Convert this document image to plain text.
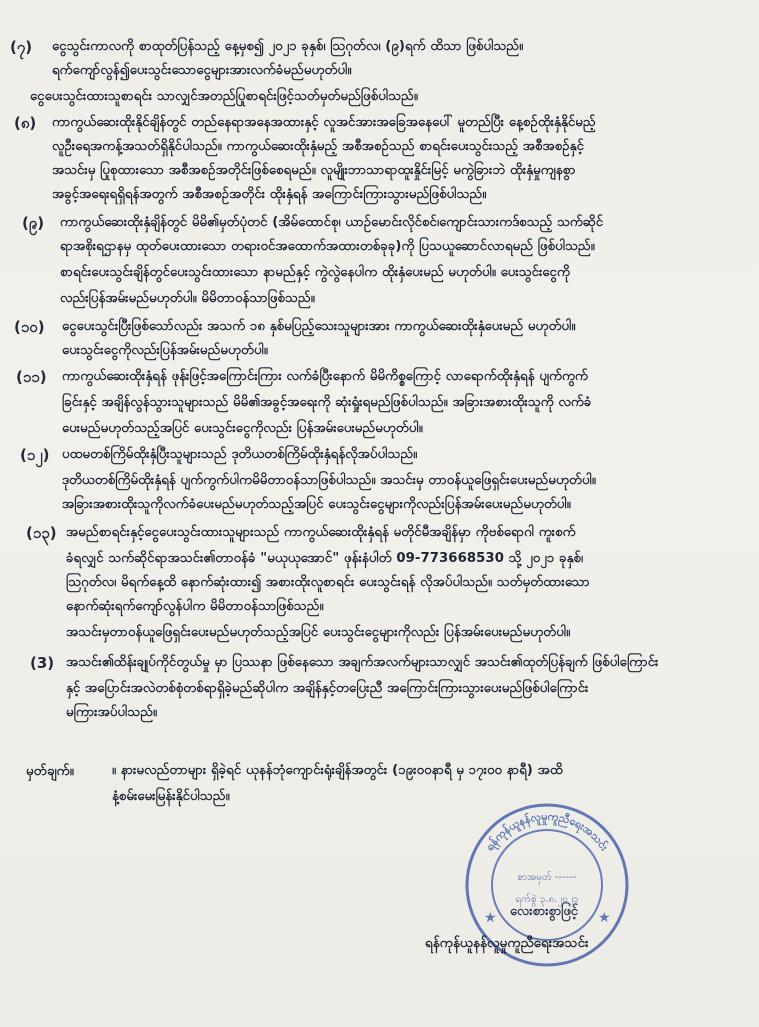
(၇) ငွေသွင်းကာလကို စာထုတ်ပြန်သည့် နေ့မှစ၍ ၂၀၂၁ ခုနှစ်၊ ဩဂုတ်လ၊ (၉)ရက် ထိသာ ဖြစ်ပါသည်။
ရက်ကျော်လွန်၍ပေးသွင်းသောငွေများအားလက်ခံမည်မဟုတ်ပါ။
ငွေပေးသွင်းထားသူစာရင်း သာလျှင်အတည်ပြုစာရင်းဖြင့်သတ်မှတ်မည်ဖြစ်ပါသည်။
(၈) ကာကွယ်ဆေးထိုးနိုင်ချိန်တွင် တည်နေရာအနေအထားနှင့် လူအင်အားအခြေအနေပေါ် မူတည်ပြီး နေ့စဉ်ထိုးနှံနိုင်မည့်
လူဦးရေအကန့်အသတ်ရှိနိုင်ပါသည်။ ကာကွယ်ဆေးထိုးနှံမည့် အစီအစဉ်သည် စာရင်းပေးသွင်းသည့် အစီအစဉ်နှင့်
အသင်းမှ ပြုစုထားသော အစီအစဉ်အတိုင်းဖြစ်စေရမည်။ လူမျိုးဘာသာရာထူးနှိုင်းမြင့် မကွဲခြားဘဲ ထိုးနှံမှုကျနစွာ
အခွင့်အရေးရရှိရန်အတွက် အစီအစဉ်အတိုင်း ထိုးနှံရန် အကြောင်းကြားသွားမည်ဖြစ်ပါသည်။
(၉) ကာကွယ်ဆေးထိုးနှံချိန်တွင် မိမိ၏မှတ်ပုံတင် (အိမ်ထောင်စု၊ ယာဉ်မောင်းလိုင်စင်၊ကျောင်းသားကဒ်စသည့် သက်ဆိုင်
ရာအစိုးရဌာနမှ ထုတ်ပေးထားသော တရားဝင်အထောက်အထားတစ်ခုခု)ကို ပြသယူဆောင်လာရမည် ဖြစ်ပါသည်။
စာရင်းပေးသွင်းချိန်တွင်ပေးသွင်းထားသော နာမည်နှင့် ကွဲလွဲနေပါက ထိုးနှံပေးမည် မဟုတ်ပါ။ ပေးသွင်းငွေကို
လည်းပြန်အမ်းမည်မဟုတ်ပါ။ မိမိတာဝန်သာဖြစ်သည်။
(၁၀) ငွေပေးသွင်းပြီးဖြစ်သော်လည်း အသက် ၁၈ နှစ်မပြည့်သေးသူများအား ကာကွယ်ဆေးထိုးနှံပေးမည် မဟုတ်ပါ။
ပေးသွင်းငွေကိုလည်းပြန်အမ်းမည်မဟုတ်ပါ။
(၁၁) ကာကွယ်ဆေးထိုးနှံရန် ဖုန်းဖြင့်အကြောင်းကြား လက်ခံပြီးနောက် မိမိကိစ္စကြောင့် လာရောက်ထိုးနှံရန် ပျက်ကွက်
ခြင်းနှင့် အချိန်လွန်သွားသူများသည် မိမိ၏အခွင့်အရေးကို ဆုံးရှုံးရမည်ဖြစ်ပါသည်။ အခြားအစားထိုးသူကို လက်ခံ
ပေးမည်မဟုတ်သည့်အပြင် ပေးသွင်းငွေကိုလည်း ပြန်အမ်းပေးမည်မဟုတ်ပါ။
(၁၂) ပထမတစ်ကြိမ်ထိုးနှံပြီးသူများသည် ဒုတိယတစ်ကြိမ်ထိုးနှံရန်လိုအပ်ပါသည်။
ဒုတိယတစ်ကြိမ်ထိုးနှံရန် ပျက်ကွက်ပါကမိမိတာဝန်သာဖြစ်ပါသည်။ အသင်းမှ တာဝန်ယူဖြေရှင်းပေးမည်မဟုတ်ပါ။
အခြားအစားထိုးသူကိုလက်ခံပေးမည်မဟုတ်သည့်အပြင် ပေးသွင်းငွေများကိုလည်းပြန်အမ်းပေးမည်မဟုတ်ပါ။
(၁၃) အမည်စာရင်းနှင့်ငွေပေးသွင်းထားသူများသည် ကာကွယ်ဆေးထိုးနှံရန် မတိုင်မီအချိန်မှာ ကိုဗစ်ရောဂါ ကူးစက်
ခံရလျှင် သက်ဆိုင်ရာအသင်း၏တာဝန်ခံ "မယုယုအောင်" ဖုန်းနံပါတ် 09-773668530 သို့ ၂၀၂၁ ခုနှစ်၊
ဩဂုတ်လ၊ မိရက်နေ့ထိ နောက်ဆုံးထား၍ အစားထိုးလူစာရင်း ပေးသွင်းရန် လိုအပ်ပါသည်။ သတ်မှတ်ထားသော
နောက်ဆုံးရက်ကျော်လွန်ပါက မိမိတာဝန်သာဖြစ်သည်။
အသင်းမှတာဝန်ယူဖြေရှင်းပေးမည်မဟုတ်သည့်အပြင် ပေးသွင်းငွေများကိုလည်း ပြန်အမ်းပေးမည်မဟုတ်ပါ။
(3) အသင်း၏ထိန်းချုပ်ကိုင်တွယ်မှု မှာ ပြဿနာ ဖြစ်နေသော အချက်အလက်များသာလျှင် အသင်း၏ထုတ်ပြန်ချက် ဖြစ်ပါကြောင်း
နှင့် အပြောင်းအလဲတစ်စုံတစ်ရာရှိခဲ့မည်ဆိုပါက အချိန်နှင့်တပြေးညီ အကြောင်းကြားသွားပေးမည်ဖြစ်ပါကြောင်း
မကြားအပ်ပါသည်။
မှတ်ချက်။	။ နားမလည်တာများ ရှိခဲ့ရင် ယုနန်ဘုံကျောင်းရုံးချိန်အတွင်း (၁၉း၀၀နာရီ မှ ၁၇း၀၀ နာရီ) အထိ
နံ့စမ်းမေးမြန်းနိုင်ပါသည်။
ရန်ကုန်ယူနန်လူမှုကူညီရေးအသင်း
စာအမှတ် ------
ရက်စွဲ ၃.၈.၂၀၂၁
★	★
လေးစားစွာဖြင့်
ရန်ကုန်ယူနန်လူမှုကူညီရေးအသင်း
